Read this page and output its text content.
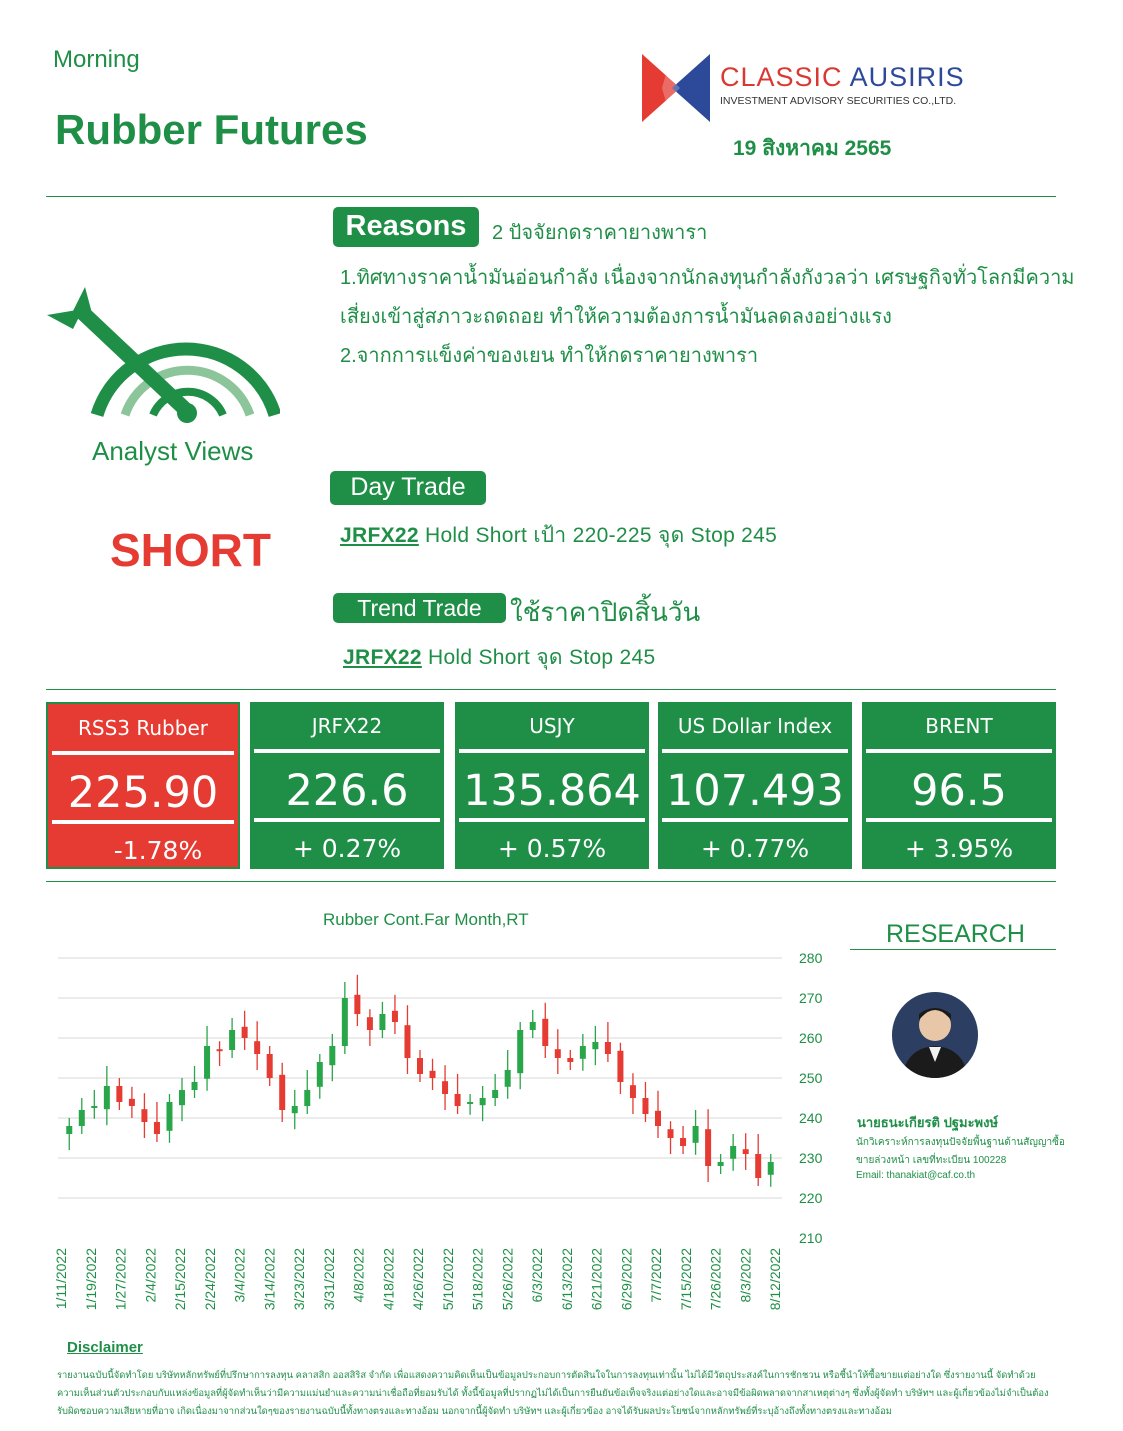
Morning
Rubber Futures
CLASSIC AUSIRIS
INVESTMENT ADVISORY SECURITIES CO.,LTD.
19 สิงหาคม 2565
Analyst Views
SHORT
Reasons	2 ปัจจัยกดราคายางพารา
1.ทิศทางราคาน้ำมันอ่อนกำลัง เนื่องจากนักลงทุนกำลังกังวลว่า เศรษฐกิจทั่วโลกมีความ
เสี่ยงเข้าสู่สภาวะถดถอย ทำให้ความต้องการน้ำมันลดลงอย่างแรง
2.จากการแข็งค่าของเยน ทำให้กดราคายางพารา
Day Trade
JRFX22 Hold Short เป้า 220-225 จุด Stop 245
Trend Trade	ใช้ราคาปิดสิ้นวัน
JRFX22 Hold Short จุด Stop 245
RSS3 Rubber
225.90
-1.78%
JRFX22
226.6
+ 0.27%
USJY
135.864
+ 0.57%
US Dollar Index
107.493
+ 0.77%
BRENT
96.5
+ 3.95%
Rubber Cont.Far Month,RT
210
220
230
240
250
260
270
280
1/11/2022 1/19/2022 1/27/2022 2/4/2022 2/15/2022 2/24/2022 3/4/2022 3/14/2022 3/23/2022 3/31/2022 4/8/2022 4/18/2022 4/26/2022 5/10/2022 5/18/2022 5/26/2022 6/3/2022 6/13/2022 6/21/2022 6/29/2022 7/7/2022 7/15/2022 7/26/2022 8/3/2022 8/12/2022
RESEARCH
นายธนะเกียรติ ปฐมะพงษ์
นักวิเคราะห์การลงทุนปัจจัยพื้นฐานด้านสัญญาซื้อ
ขายล่วงหน้า เลขที่ทะเบียน 100228
Email: thanakiat@caf.co.th
Disclaimer
รายงานฉบับนี้จัดทำโดย บริษัทหลักทรัพย์ที่ปรึกษาการลงทุน คลาสสิก ออสสิริส จำกัด เพื่อแสดงความคิดเห็นเป็นข้อมูลประกอบการตัดสินใจในการลงทุนเท่านั้น ไม่ได้มีวัตถุประสงค์ในการชักชวน หรือชี้นำให้ซื้อขายแต่อย่างใด ซึ่งรายงานนี้ จัดทำด้วย
ความเห็นส่วนตัวประกอบกับแหล่งข้อมูลที่ผู้จัดทำเห็นว่ามีความแม่นยำและความน่าเชื่อถือที่ยอมรับได้ ทั้งนี้ข้อมูลที่ปรากฏไม่ได้เป็นการยืนยันข้อเท็จจริงแต่อย่างใดและอาจมีข้อผิดพลาดจากสาเหตุต่างๆ ซึ่งทั้งผู้จัดทำ บริษัทฯ และผู้เกี่ยวข้องไม่จำเป็นต้อง
รับผิดชอบความเสียหายที่อาจ เกิดเนื่องมาจากส่วนใดๆของรายงานฉบับนี้ทั้งทางตรงและทางอ้อม นอกจากนี้ผู้จัดทำ บริษัทฯ และผู้เกี่ยวข้อง อาจได้รับผลประโยชน์จากหลักทรัพย์ที่ระบุอ้างถึงทั้งทางตรงและทางอ้อม
